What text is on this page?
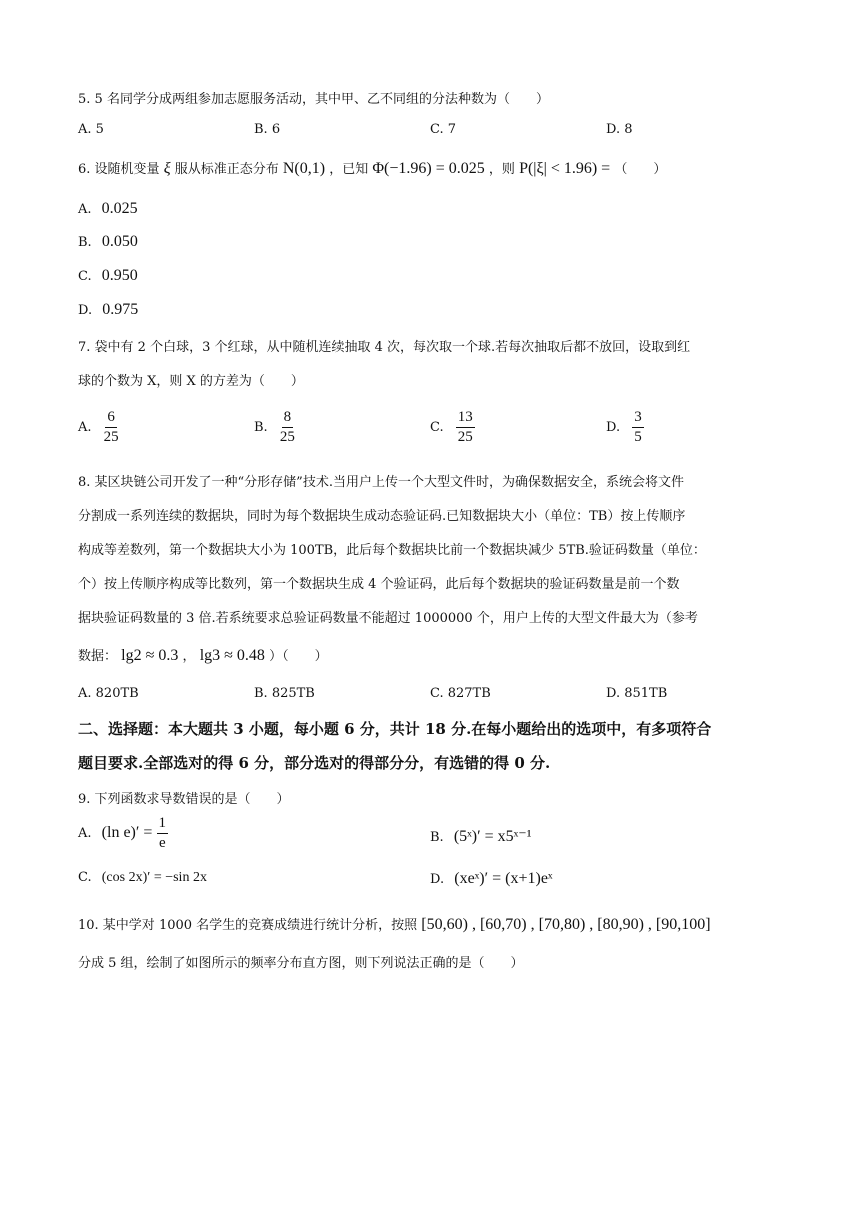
5. 5 名同学分成两组参加志愿服务活动，其中甲、乙不同组的分法种数为（　　）
A. 5	B. 6	C. 7	D. 8
6. 设随机变量 ξ 服从标准正态分布 N(0,1) ，已知 Φ(−1.96) = 0.025 ，则 P(|ξ| < 1.96) = （　　）
A. 0.025
B. 0.050
C. 0.950
D. 0.975
7. 袋中有 2 个白球，3 个红球，从中随机连续抽取 4 次，每次取一个球.若每次抽取后都不放回，设取到红
球的个数为 X，则 X 的方差为（　　）
A. $\frac{6}{25}$	B. $\frac{8}{25}$	C. $\frac{13}{25}$	D. $\frac{3}{5}$
8. 某区块链公司开发了一种“分形存储”技术.当用户上传一个大型文件时，为确保数据安全，系统会将文件
分割成一系列连续的数据块，同时为每个数据块生成动态验证码.已知数据块大小（单位：TB）按上传顺序
构成等差数列，第一个数据块大小为 100TB，此后每个数据块比前一个数据块减少 5TB.验证码数量（单位：
个）按上传顺序构成等比数列，第一个数据块生成 4 个验证码，此后每个数据块的验证码数量是前一个数
据块验证码数量的 3 倍.若系统要求总验证码数量不能超过 1000000 个，用户上传的大型文件最大为（参考
数据： lg2 ≈ 0.3 ， lg3 ≈ 0.48 ）（　　）
A. 820TB	B. 825TB	C. 827TB	D. 851TB
二、选择题：本大题共 3 小题，每小题 6 分，共计 18 分.在每小题给出的选项中，有多项符合
题目要求.全部选对的得 6 分，部分选对的得部分分，有选错的得 0 分.
9. 下列函数求导数错误的是（　　）
A. (ln $e)' = \frac{1}{e}$	B. (5ˣ)′ = x5ˣ⁻¹
C. (cos 2x)′ = −sin 2x	D. (xeˣ)′ = (x+1)eˣ
10. 某中学对 1000 名学生的竞赛成绩进行统计分析，按照 [50,60) , [60,70) , [70,80) , [80,90) , [90,100]
分成 5 组，绘制了如图所示的频率分布直方图，则下列说法正确的是（　　）
